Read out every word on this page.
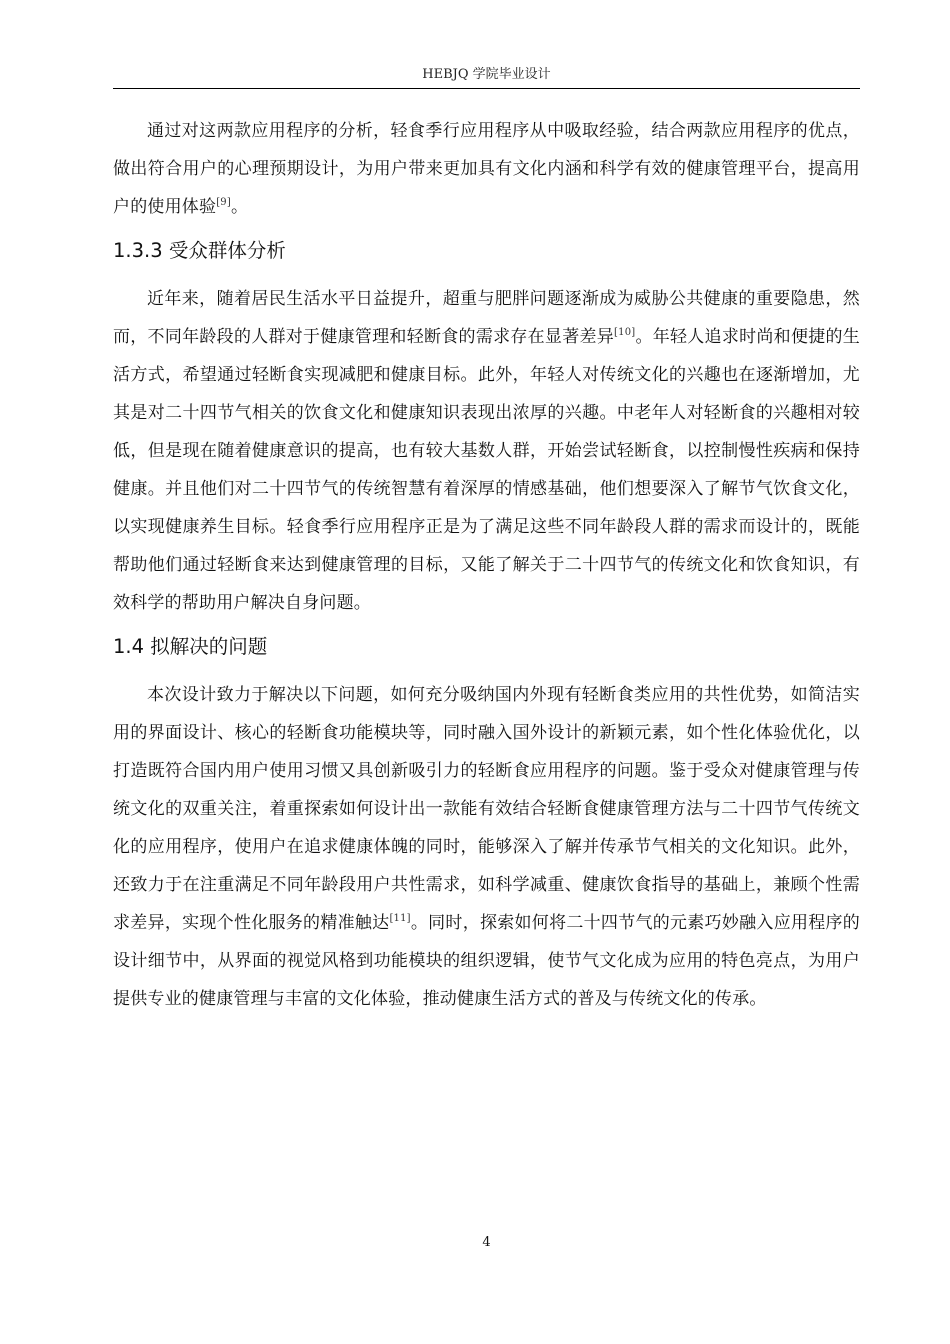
HEBJQ 学院毕业设计

通过对这两款应用程序的分析，轻食季行应用程序从中吸取经验，结合两款应用程序的优点，做出符合用户的心理预期设计，为用户带来更加具有文化内涵和科学有效的健康管理平台，提高用户的使用体验[9]。

1.3.3 受众群体分析

近年来，随着居民生活水平日益提升，超重与肥胖问题逐渐成为威胁公共健康的重要隐患，然而，不同年龄段的人群对于健康管理和轻断食的需求存在显著差异[10]。年轻人追求时尚和便捷的生活方式，希望通过轻断食实现减肥和健康目标。此外，年轻人对传统文化的兴趣也在逐渐增加，尤其是对二十四节气相关的饮食文化和健康知识表现出浓厚的兴趣。中老年人对轻断食的兴趣相对较低，但是现在随着健康意识的提高，也有较大基数人群，开始尝试轻断食，以控制慢性疾病和保持健康。并且他们对二十四节气的传统智慧有着深厚的情感基础，他们想要深入了解节气饮食文化，以实现健康养生目标。轻食季行应用程序正是为了满足这些不同年龄段人群的需求而设计的，既能帮助他们通过轻断食来达到健康管理的目标，又能了解关于二十四节气的传统文化和饮食知识，有效科学的帮助用户解决自身问题。

1.4 拟解决的问题

本次设计致力于解决以下问题，如何充分吸纳国内外现有轻断食类应用的共性优势，如简洁实用的界面设计、核心的轻断食功能模块等，同时融入国外设计的新颖元素，如个性化体验优化，以打造既符合国内用户使用习惯又具创新吸引力的轻断食应用程序的问题。鉴于受众对健康管理与传统文化的双重关注，着重探索如何设计出一款能有效结合轻断食健康管理方法与二十四节气传统文化的应用程序，使用户在追求健康体魄的同时，能够深入了解并传承节气相关的文化知识。此外，还致力于在注重满足不同年龄段用户共性需求，如科学减重、健康饮食指导的基础上，兼顾个性需求差异，实现个性化服务的精准触达[11]。同时，探索如何将二十四节气的元素巧妙融入应用程序的设计细节中，从界面的视觉风格到功能模块的组织逻辑，使节气文化成为应用的特色亮点，为用户提供专业的健康管理与丰富的文化体验，推动健康生活方式的普及与传统文化的传承。

4
